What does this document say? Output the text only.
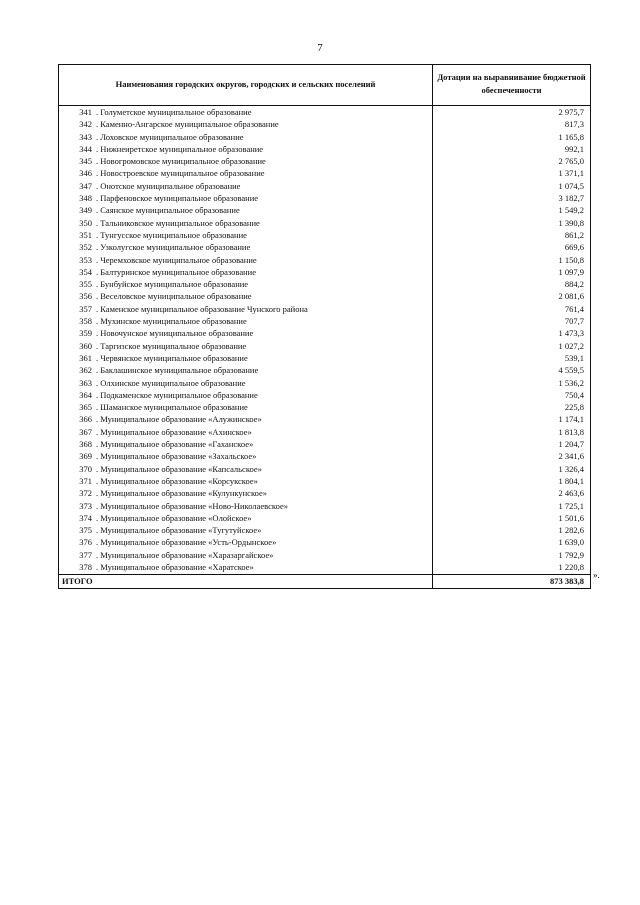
7
Наименования городских округов, городских и сельских поселений	Дотации на выравнивание бюджетной обеспеченности
341 . Голуметское муниципальное образование	2 975,7
342 . Каменно-Ангарское муниципальное образование	817,3
343 . Лоховское муниципальное образование	1 165,8
344 . Нижнеиретское муниципальное образование	992,1
345 . Новогромовское муниципальное образование	2 765,0
346 . Новостроевское муниципальное образование	1 371,1
347 . Онотское муниципальное образование	1 074,5
348 . Парфеновское муниципальное образование	3 182,7
349 . Саянское муниципальное образование	1 549,2
350 . Тальниковское муниципальное образование	1 390,8
351 . Тунгусское муниципальное образование	861,2
352 . Узколугское муниципальное образование	669,6
353 . Черемховское муниципальное образование	1 150,8
354 . Балтуринское муниципальное образование	1 097,9
355 . Бунбуйское муниципальное образование	884,2
356 . Веселовское муниципальное образование	2 081,6
357 . Каменское муниципальное образование Чунского района	761,4
358 . Мухинское муниципальное образование	707,7
359 . Новочунское муниципальное образование	1 473,3
360 . Таргизское муниципальное образование	1 027,2
361 . Червянское муниципальное образование	539,1
362 . Баклашинское муниципальное образование	4 559,5
363 . Олхинское муниципальное образование	1 536,2
364 . Подкаменское муниципальное образование	750,4
365 . Шаманское муниципальное образование	225,8
366 . Муниципальное образование «Алужинское»	1 174,1
367 . Муниципальное образование «Ахинское»	1 813,8
368 . Муниципальное образование «Гаханское»	1 204,7
369 . Муниципальное образование «Захальское»	2 341,6
370 . Муниципальное образование «Капсальское»	1 326,4
371 . Муниципальное образование «Корсукское»	1 804,1
372 . Муниципальное образование «Кулункунское»	2 463,6
373 . Муниципальное образование «Ново-Николаевское»	1 725,1
374 . Муниципальное образование «Олойское»	1 501,6
375 . Муниципальное образование «Тугутуйское»	1 282,6
376 . Муниципальное образование «Усть-Ордынское»	1 639,0
377 . Муниципальное образование «Харазаргайское»	1 792,9
378 . Муниципальное образование «Харатское»	1 220,8
ИТОГО	873 383,8
».
